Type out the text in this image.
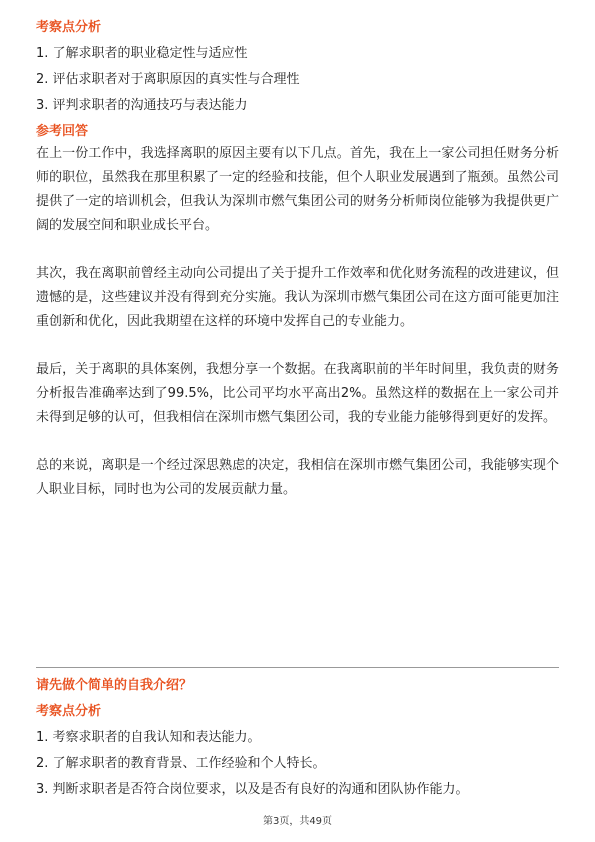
考察点分析

1. 了解求职者的职业稳定性与适应性

2. 评估求职者对于离职原因的真实性与合理性

3. 评判求职者的沟通技巧与表达能力

参考回答

在上一份工作中，我选择离职的原因主要有以下几点。首先，我在上一家公司担任财务分析师的职位，虽然我在那里积累了一定的经验和技能，但个人职业发展遇到了瓶颈。虽然公司提供了一定的培训机会，但我认为深圳市燃气集团公司的财务分析师岗位能够为我提供更广阔的发展空间和职业成长平台。

其次，我在离职前曾经主动向公司提出了关于提升工作效率和优化财务流程的改进建议，但遗憾的是，这些建议并没有得到充分实施。我认为深圳市燃气集团公司在这方面可能更加注重创新和优化，因此我期望在这样的环境中发挥自己的专业能力。

最后，关于离职的具体案例，我想分享一个数据。在我离职前的半年时间里，我负责的财务分析报告准确率达到了99.5%，比公司平均水平高出2%。虽然这样的数据在上一家公司并未得到足够的认可，但我相信在深圳市燃气集团公司，我的专业能力能够得到更好的发挥。

总的来说，离职是一个经过深思熟虑的决定，我相信在深圳市燃气集团公司，我能够实现个人职业目标，同时也为公司的发展贡献力量。

请先做个简单的自我介绍？

考察点分析

1. 考察求职者的自我认知和表达能力。

2. 了解求职者的教育背景、工作经验和个人特长。

3. 判断求职者是否符合岗位要求，以及是否有良好的沟通和团队协作能力。

第3页，共49页
